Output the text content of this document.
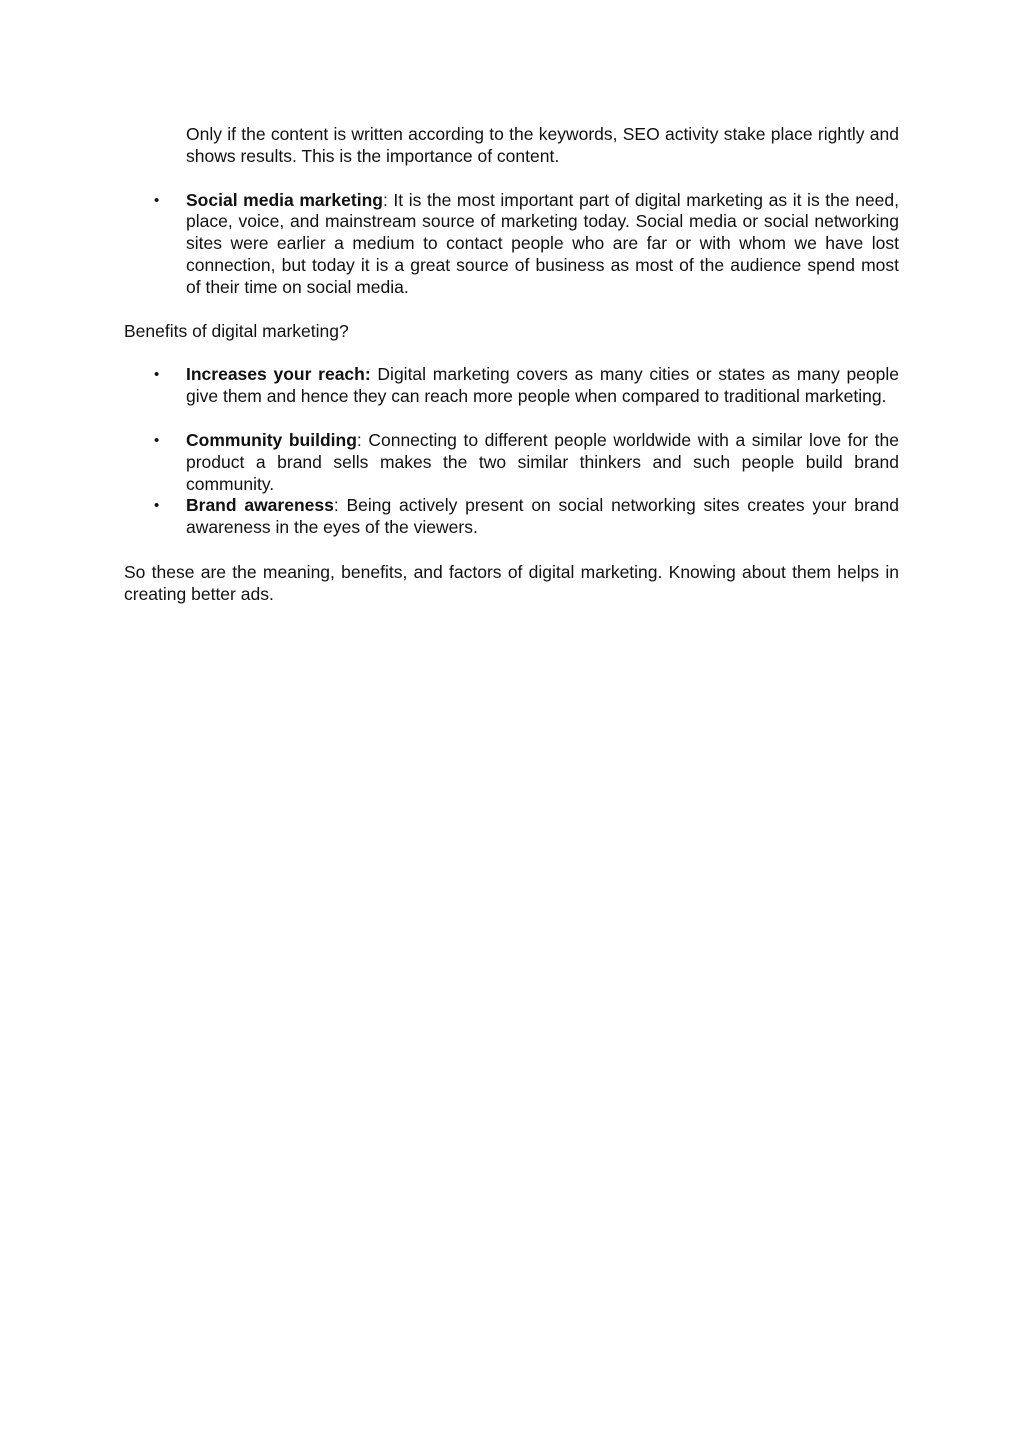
Only if the content is written according to the keywords, SEO activity stake place rightly and shows results. This is the importance of content.

• Social media marketing: It is the most important part of digital marketing as it is the need, place, voice, and mainstream source of marketing today. Social media or social networking sites were earlier a medium to contact people who are far or with whom we have lost connection, but today it is a great source of business as most of the audience spend most of their time on social media.

Benefits of digital marketing?

• Increases your reach: Digital marketing covers as many cities or states as many people give them and hence they can reach more people when compared to traditional marketing.
• Community building: Connecting to different people worldwide with a similar love for the product a brand sells makes the two similar thinkers and such people build brand community.
• Brand awareness: Being actively present on social networking sites creates your brand awareness in the eyes of the viewers.

So these are the meaning, benefits, and factors of digital marketing. Knowing about them helps in creating better ads.
